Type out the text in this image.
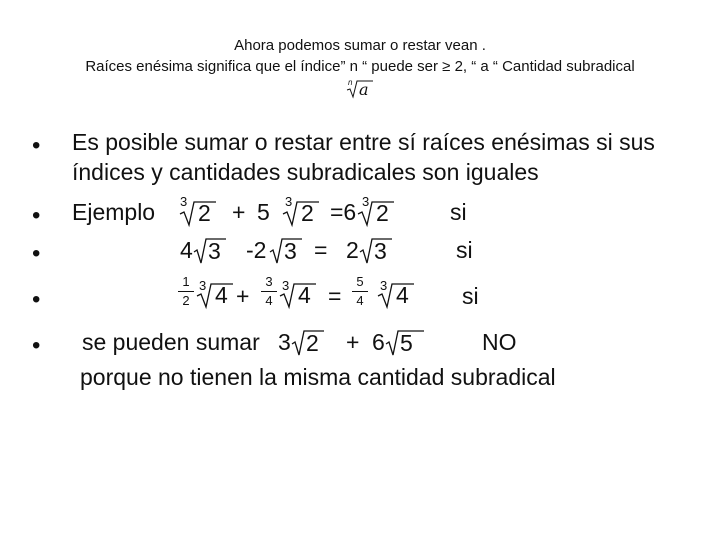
Ahora podemos sumar o restar vean .
Raíces enésima significa que el índice” n “ puede ser ≥ 2, “ a “ Cantidad subradical
n a
• Es posible sumar o restar entre sí raíces enésimas si sus
índices y cantidades subradicales son iguales
• Ejemplo 3 2 + 5 3 2 =6 3 2	si
•	4 3 -2 3 = 2 3	si
•	$\frac{1}{2} 3$ $4 + \frac{3}{4} 3$ $4 = \frac{5}{4} 3$ 4 si
• se pueden sumar 3 2 + 6 5	NO
porque no tienen la misma cantidad subradical
